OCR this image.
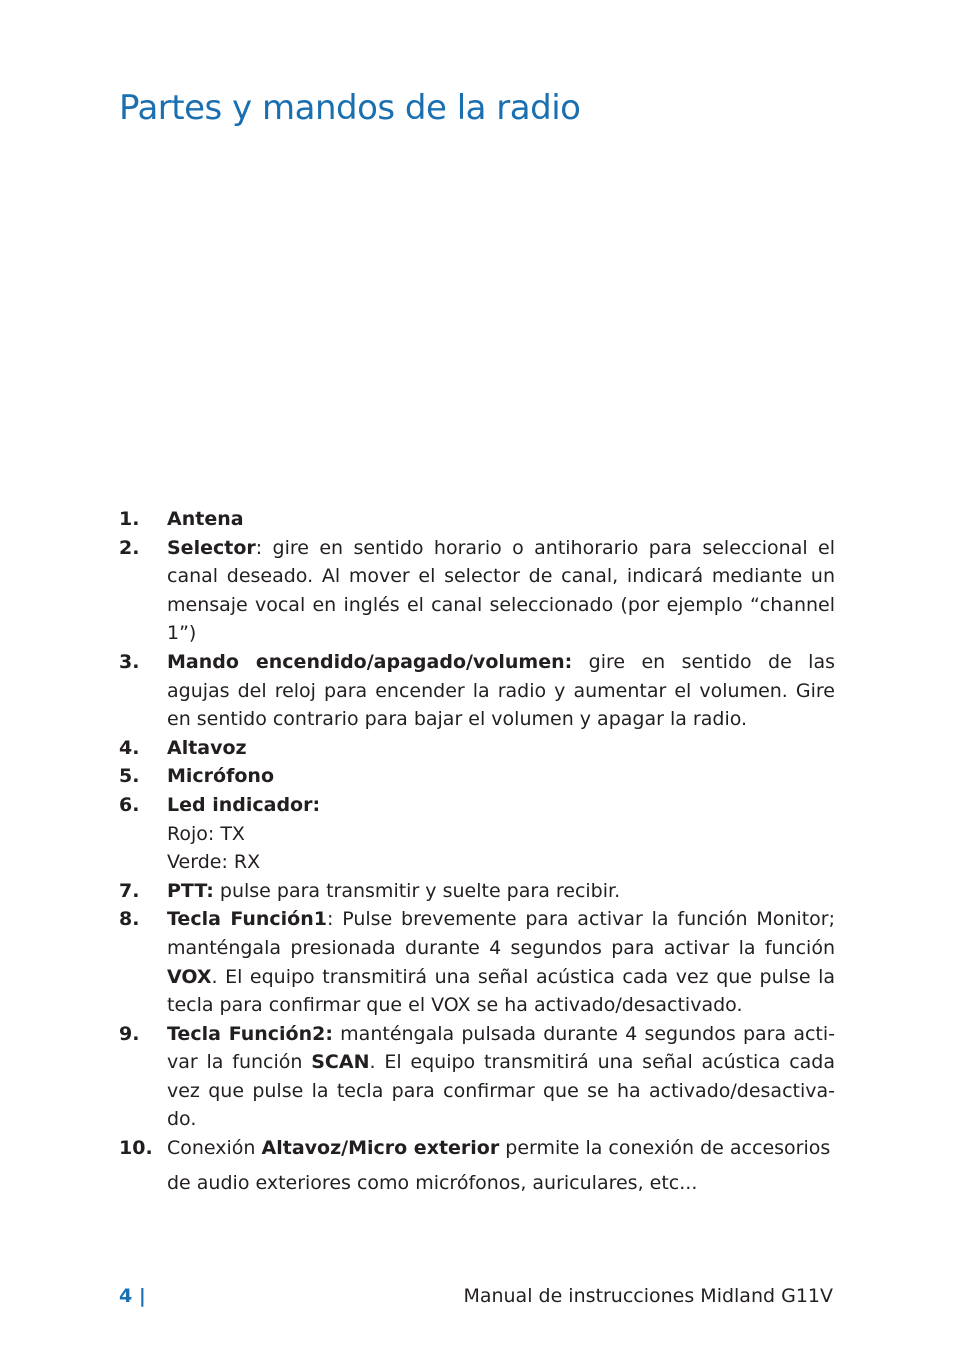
Partes y mandos de la radio
1. Antena
2. Selector: gire en sentido horario o antihorario para seleccional el canal deseado. Al mover el selector de canal, indicará mediante un mensaje vocal en inglés el canal seleccionado (por ejemplo “channel 1”)
3. Mando encendido/apagado/volumen: gire en sentido de las agujas del reloj para encender la radio y aumentar el volumen. Gire en sentido contrario para bajar el volumen y apagar la radio.
4. Altavoz
5. Micrófono
6. Led indicador:
Rojo: TX
Verde: RX
7. PTT: pulse para transmitir y suelte para recibir.
8. Tecla Función1: Pulse brevemente para activar la función Monitor; manténgala presionada durante 4 segundos para activar la función VOX. El equipo transmitirá una señal acústica cada vez que pulse la tecla para confirmar que el VOX se ha activado/desactivado.
9. Tecla Función2: manténgala pulsada durante 4 segundos para acti-var la función SCAN. El equipo transmitirá una señal acústica cada vez que pulse la tecla para confirmar que se ha activado/desactiva-do.
10. Conexión Altavoz/Micro exterior permite la conexión de accesorios
de audio exteriores como micrófonos, auriculares, etc...
4 |	Manual de instrucciones Midland G11V
